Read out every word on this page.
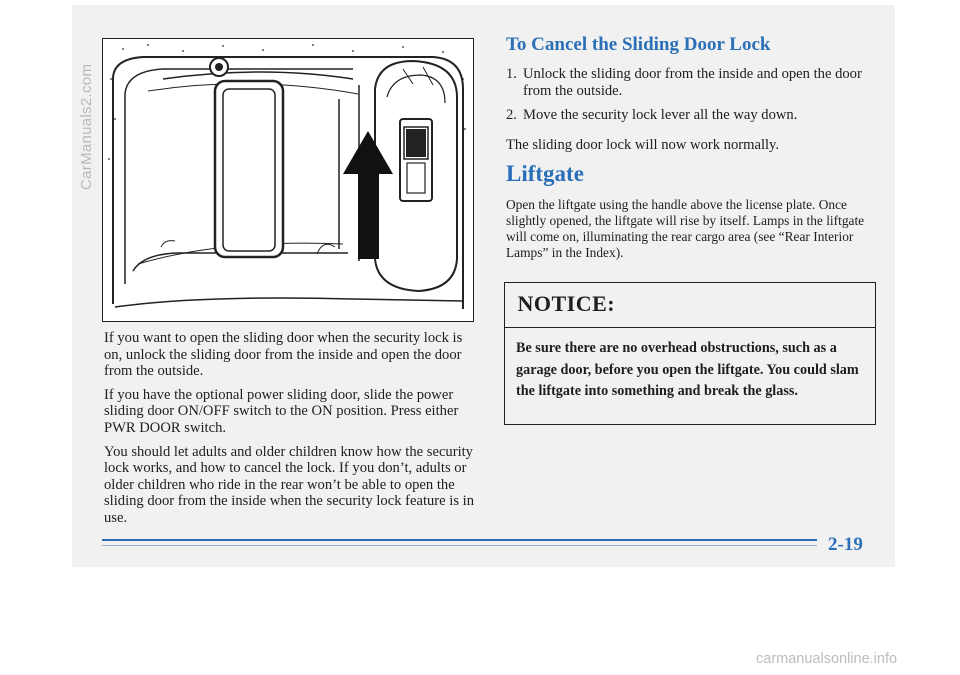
CarManuals2.com

If you want to open the sliding door when the security lock is on, unlock the sliding door from the inside and open the door from the outside.

If you have the optional power sliding door, slide the power sliding door ON/OFF switch to the ON position. Press either PWR DOOR switch.

You should let adults and older children know how the security lock works, and how to cancel the lock. If you don’t, adults or older children who ride in the rear won’t be able to open the sliding door from the inside when the security lock feature is in use.

To Cancel the Sliding Door Lock
1. Unlock the sliding door from the inside and open the door from the outside.
2. Move the security lock lever all the way down.

The sliding door lock will now work normally.

Liftgate

Open the liftgate using the handle above the license plate. Once slightly opened, the liftgate will rise by itself. Lamps in the liftgate will come on, illuminating the rear cargo area (see “Rear Interior Lamps” in the Index).

NOTICE:

Be sure there are no overhead obstructions, such as a garage door, before you open the liftgate. You could slam the liftgate into something and break the glass.

2-19
carmanualsonline.info
